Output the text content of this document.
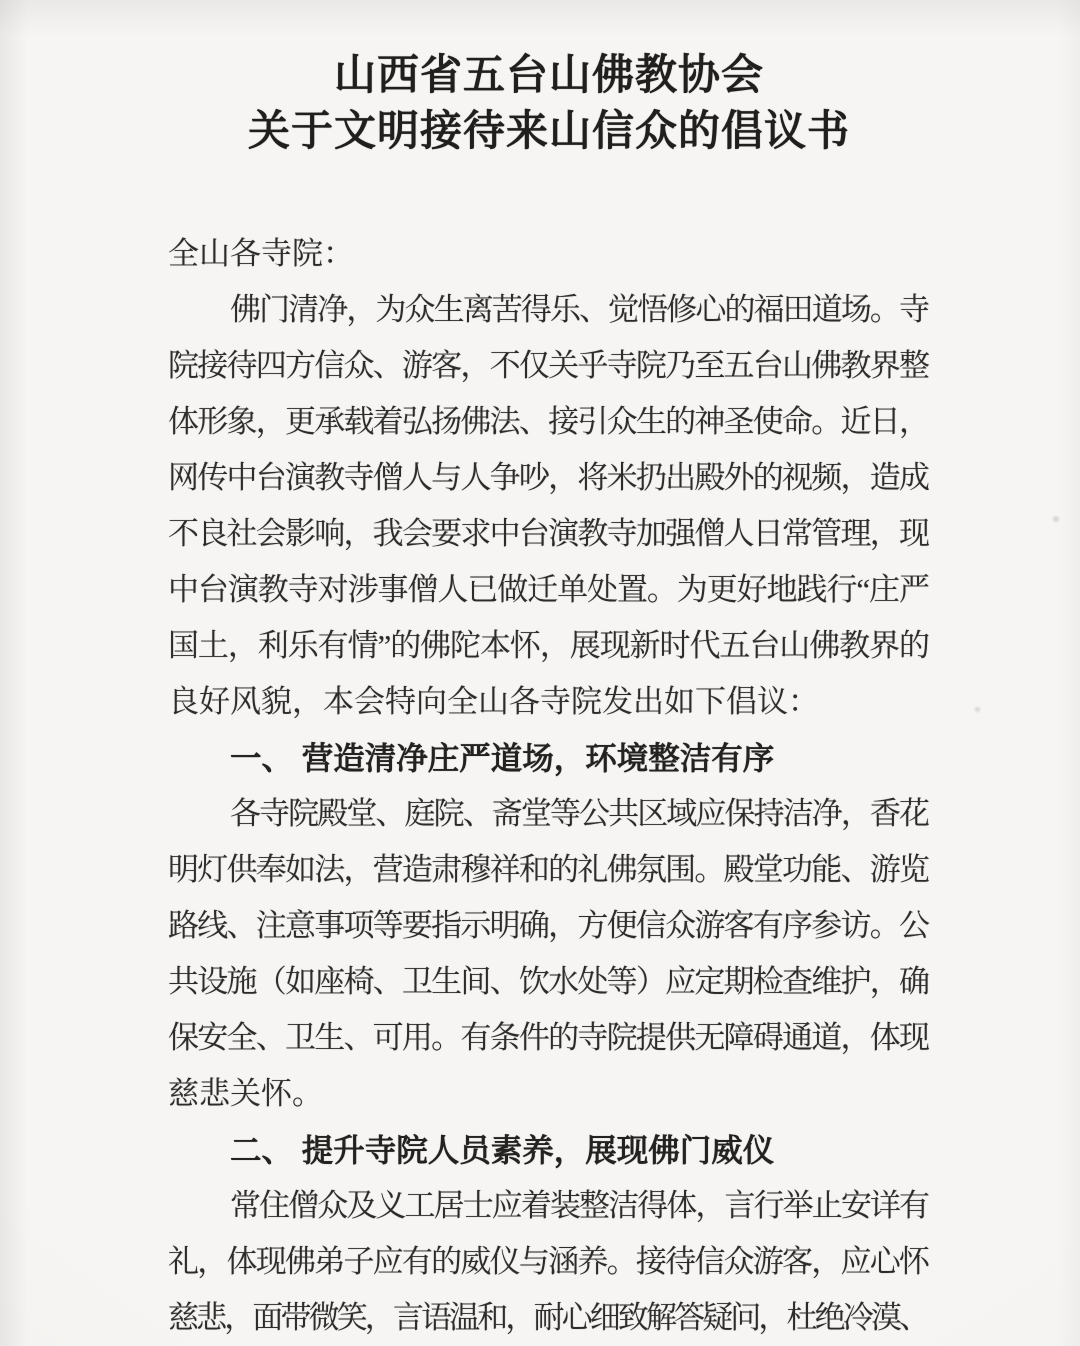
山西省五台山佛教协会
关于文明接待来山信众的倡议书
全山各寺院：
佛门清净，为众生离苦得乐、觉悟修心的福田道场。寺
院接待四方信众、游客，不仅关乎寺院乃至五台山佛教界整
体形象，更承载着弘扬佛法、接引众生的神圣使命。近日，
网传中台演教寺僧人与人争吵，将米扔出殿外的视频，造成
不良社会影响，我会要求中台演教寺加强僧人日常管理，现
中台演教寺对涉事僧人已做迁单处置。为更好地践行“庄严
国土，利乐有情”的佛陀本怀，展现新时代五台山佛教界的
良好风貌，本会特向全山各寺院发出如下倡议：
一、 营造清净庄严道场，环境整洁有序
各寺院殿堂、庭院、斋堂等公共区域应保持洁净，香花
明灯供奉如法，营造肃穆祥和的礼佛氛围。殿堂功能、游览
路线、注意事项等要指示明确，方便信众游客有序参访。公
共设施（如座椅、卫生间、饮水处等）应定期检查维护，确
保安全、卫生、可用。有条件的寺院提供无障碍通道，体现
慈悲关怀。
二、 提升寺院人员素养，展现佛门威仪
常住僧众及义工居士应着装整洁得体，言行举止安详有
礼，体现佛弟子应有的威仪与涵养。接待信众游客，应心怀
慈悲，面带微笑，言语温和，耐心细致解答疑问，杜绝冷漠、
